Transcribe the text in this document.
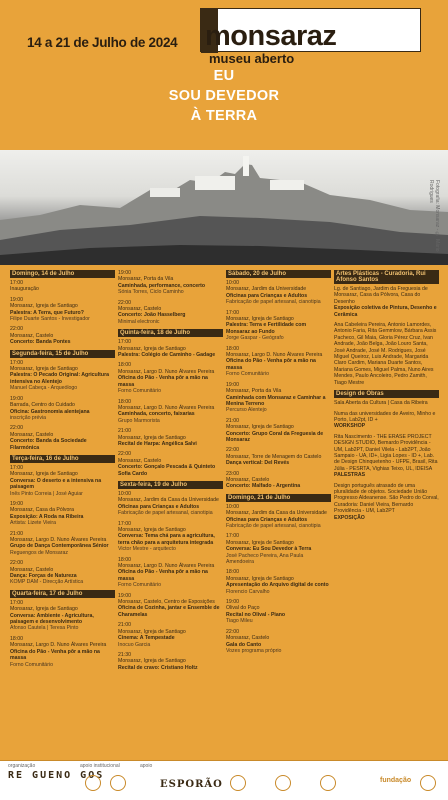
monsaraz
14 a 21 de Julho de 2024
museu aberto
EU
SOU DEVEDOR
À TERRA
Fotografia: Monsaraz - © Mário Rodrigues
Domingo, 14 de Julho
17:00
Inauguração
19:00
Monsaraz, Igreja de Santiago
Palestra: A Terra, que Futuro?
Filipe Duarte Santos - Investigador
22:00
Monsaraz, Castelo
Concerto: Banda Pontes
Segunda-feira, 15 de Julho
17:00
Monsaraz, Igreja de Santiago
Palestra: O Pecado Original: Agricultura intensiva no Alentejo
Manuel Cabeça - Arqueólogo
19:00
Barrada, Centro do Cuidado
Oficina: Gastronomia alentejana
inscrição prévia
22:00
Monsaraz, Castelo
Concerto: Banda da Sociedade Filarmónica
Terça-feira, 16 de Julho
17:00
Monsaraz, Igreja de Santiago
Conversa: O deserto e a intensiva na paisagem
Inês Pinto Correia | José Aguiar
19:00
Monsaraz, Casa da Pólvora
Exposição: A Roda na Ribeira
Artista: Lizete Vieira
21:00
Monsaraz, Largo D. Nuno Álvares Pereira
Grupo de Dança Contemporânea Sénior
Reguengos de Monsaraz
22:00
Monsaraz, Castelo
Dança: Forças de Natureza
KOMP DAM - Direcção Artística
Quarta-feira, 17 de Julho
17:00
Monsaraz, Igreja de Santiago
Conversa: Ambiente - Agricultura, paisagem e desenvolvimento
Afonso Cautela | Teresa Pinto
18:00
Monsaraz, Largo D. Nuno Álvares Pereira
Oficina do Pão - Venha pôr a mão na massa
Forno Comunitário
19:00
Monsaraz, Porta da Vila
Caminhada, performance, concerto
Sónia Torres, Ciclo Caminho
22:00
Monsaraz, Castelo
Concerto: João Hasselberg
Minimal electronic
Quinta-feira, 18 de Julho
17:00
Monsaraz, Igreja de Santiago
Palestra: Colégio de Caminho - Gadage
18:00
Monsaraz, Largo D. Nuno Álvares Pereira
Oficina do Pão - Venha pôr a mão na massa
Forno Comunitário
18:00
Monsaraz, Largo D. Nuno Álvares Pereira
Caminhada, concerto, faixarias
Grupo Marmorista
21:00
Monsaraz, Igreja de Santiago
Recital de Harpa: Angélica Salvi
22:00
Monsaraz, Castelo
Concerto: Gonçalo Pescada & Quinteto Sofia Cardo
Sexta-feira, 19 de Julho
10:00
Monsaraz, Jardim da Casa da Universidade
Oficinas para Crianças e Adultos
Fabricação de papel artesanal, cianotipia
17:00
Monsaraz, Igreja de Santiago
Conversa: Tema chá para a agricultura, terra chão para a arquitetura integrada
Victor Mestre - arquitecto
18:00
Monsaraz, Largo D. Nuno Álvares Pereira
Oficina do Pão - Venha pôr a mão na massa
Forno Comunitário
19:00
Monsaraz, Castelo, Centro de Exposições
Oficina de Cozinha, jantar e Ensemble de Charamelas
21:00
Monsaraz, Igreja de Santiago
Cinema: A Tempestade
Inocuo Garcia
21:30
Monsaraz, Igreja de Santiago
Recital de cravo: Cristiano Holtz
Sábado, 20 de Julho
10:00
Monsaraz, Jardim da Universidade
Oficinas para Crianças e Adultos
Fabricação de papel artesanal, cianotipia
17:00
Monsaraz, Igreja de Santiago
Palestra: Terra e Fertilidade com Monsaraz ao Fundo
Jorge Gaspar - Geógrafo
18:00
Monsaraz, Largo D. Nuno Álvares Pereira
Oficina do Pão - Venha pôr a mão na massa
Forno Comunitário
19:00
Monsaraz, Porta da Vila
Caminhada com Monsaraz e Caminhar a Menina Terreno
Percurso Alentejo
21:00
Monsaraz, Igreja de Santiago
Concerto: Grupo Coral da Freguesia de Monsaraz
22:00
Monsaraz, Torre de Menagem do Castelo
Dança vertical: Del Revés
23:00
Monsaraz, Castelo
Concerto: Malfado - Argentina
Domingo, 21 de Julho
10:00
Monsaraz, Jardim da Casa da Universidade
Oficinas para Crianças e Adultos
Fabricação de papel artesanal, cianotipia
17:00
Monsaraz, Igreja de Santiago
Conversa: Eu Sou Devedor à Terra
José Pacheco Pereira, Ana Paula Amendoeira
18:00
Monsaraz, Igreja de Santiago
Apresentação do Arquivo digital de conto
Florencio Carvalho
19:00
Olival do Paço
Recital no Olival - Piano
Tiago Mileu
22:00
Monsaraz, Castelo
Gala do Canto
Vozes programa próprio
Artes Plásticas - Curadoria, Rui Afonso Santos
Lg. de Santiago, Jardim da Freguesia de Monsaraz, Casa da Pólvora, Casa do Desenho
Exposição coletiva de Pintura, Desenho e Cerâmica
Ana Cabeleira Pereira, Antonio Lamordes, Antonio Faria, Rita Gemmlow, Bárbara Assis Pacheco, Gil Maia, Gloria Pérez Cruz, Ivan Andrade, João Belga, João Louro Santa, José Andrade, José M. Rodrigues, José Miguel Queiroz, Luis Andrade, Margarida Claro Cardim, Mariana Duarte Santos, Mariana Gomes, Miguel Palma, Nuno Aires Mendes, Paulo Ancoleiro, Pedro Zamith, Tiago Mestre
Design de Obras
Sala Aberta da Cultura | Casa da Ribeira
Numa das universidades de Aveiro, Minho e Porto, Lab2pt, ID +
WORKSHOP
Rita Nascimento - THE ERASE PROJECT DESIGN STUDIO, Bemardo Providência - UM, Lab2PT, Daniel Vilela - Lab2PT, João Sampaio - UA, ID+, Ligia Lopes - ID +, Lab. de Design Chinquetenho - UFPE, Brasil, Rita Júlia - PESRTA, Vighias Teixo, UL, IDEISA
PALESTRAS
Design português atrasado de uma pluralidade de objetos. Sociedade União Progresso Aldeanense. São Pedro do Corval, Curadoria: Daniel Vieira, Bernardo Providência - UM, Lab2PT
EXPOSIÇÃO
organização	apoio institucional	apoio
RE GUENO GOS
ESPORÃO	fundação
